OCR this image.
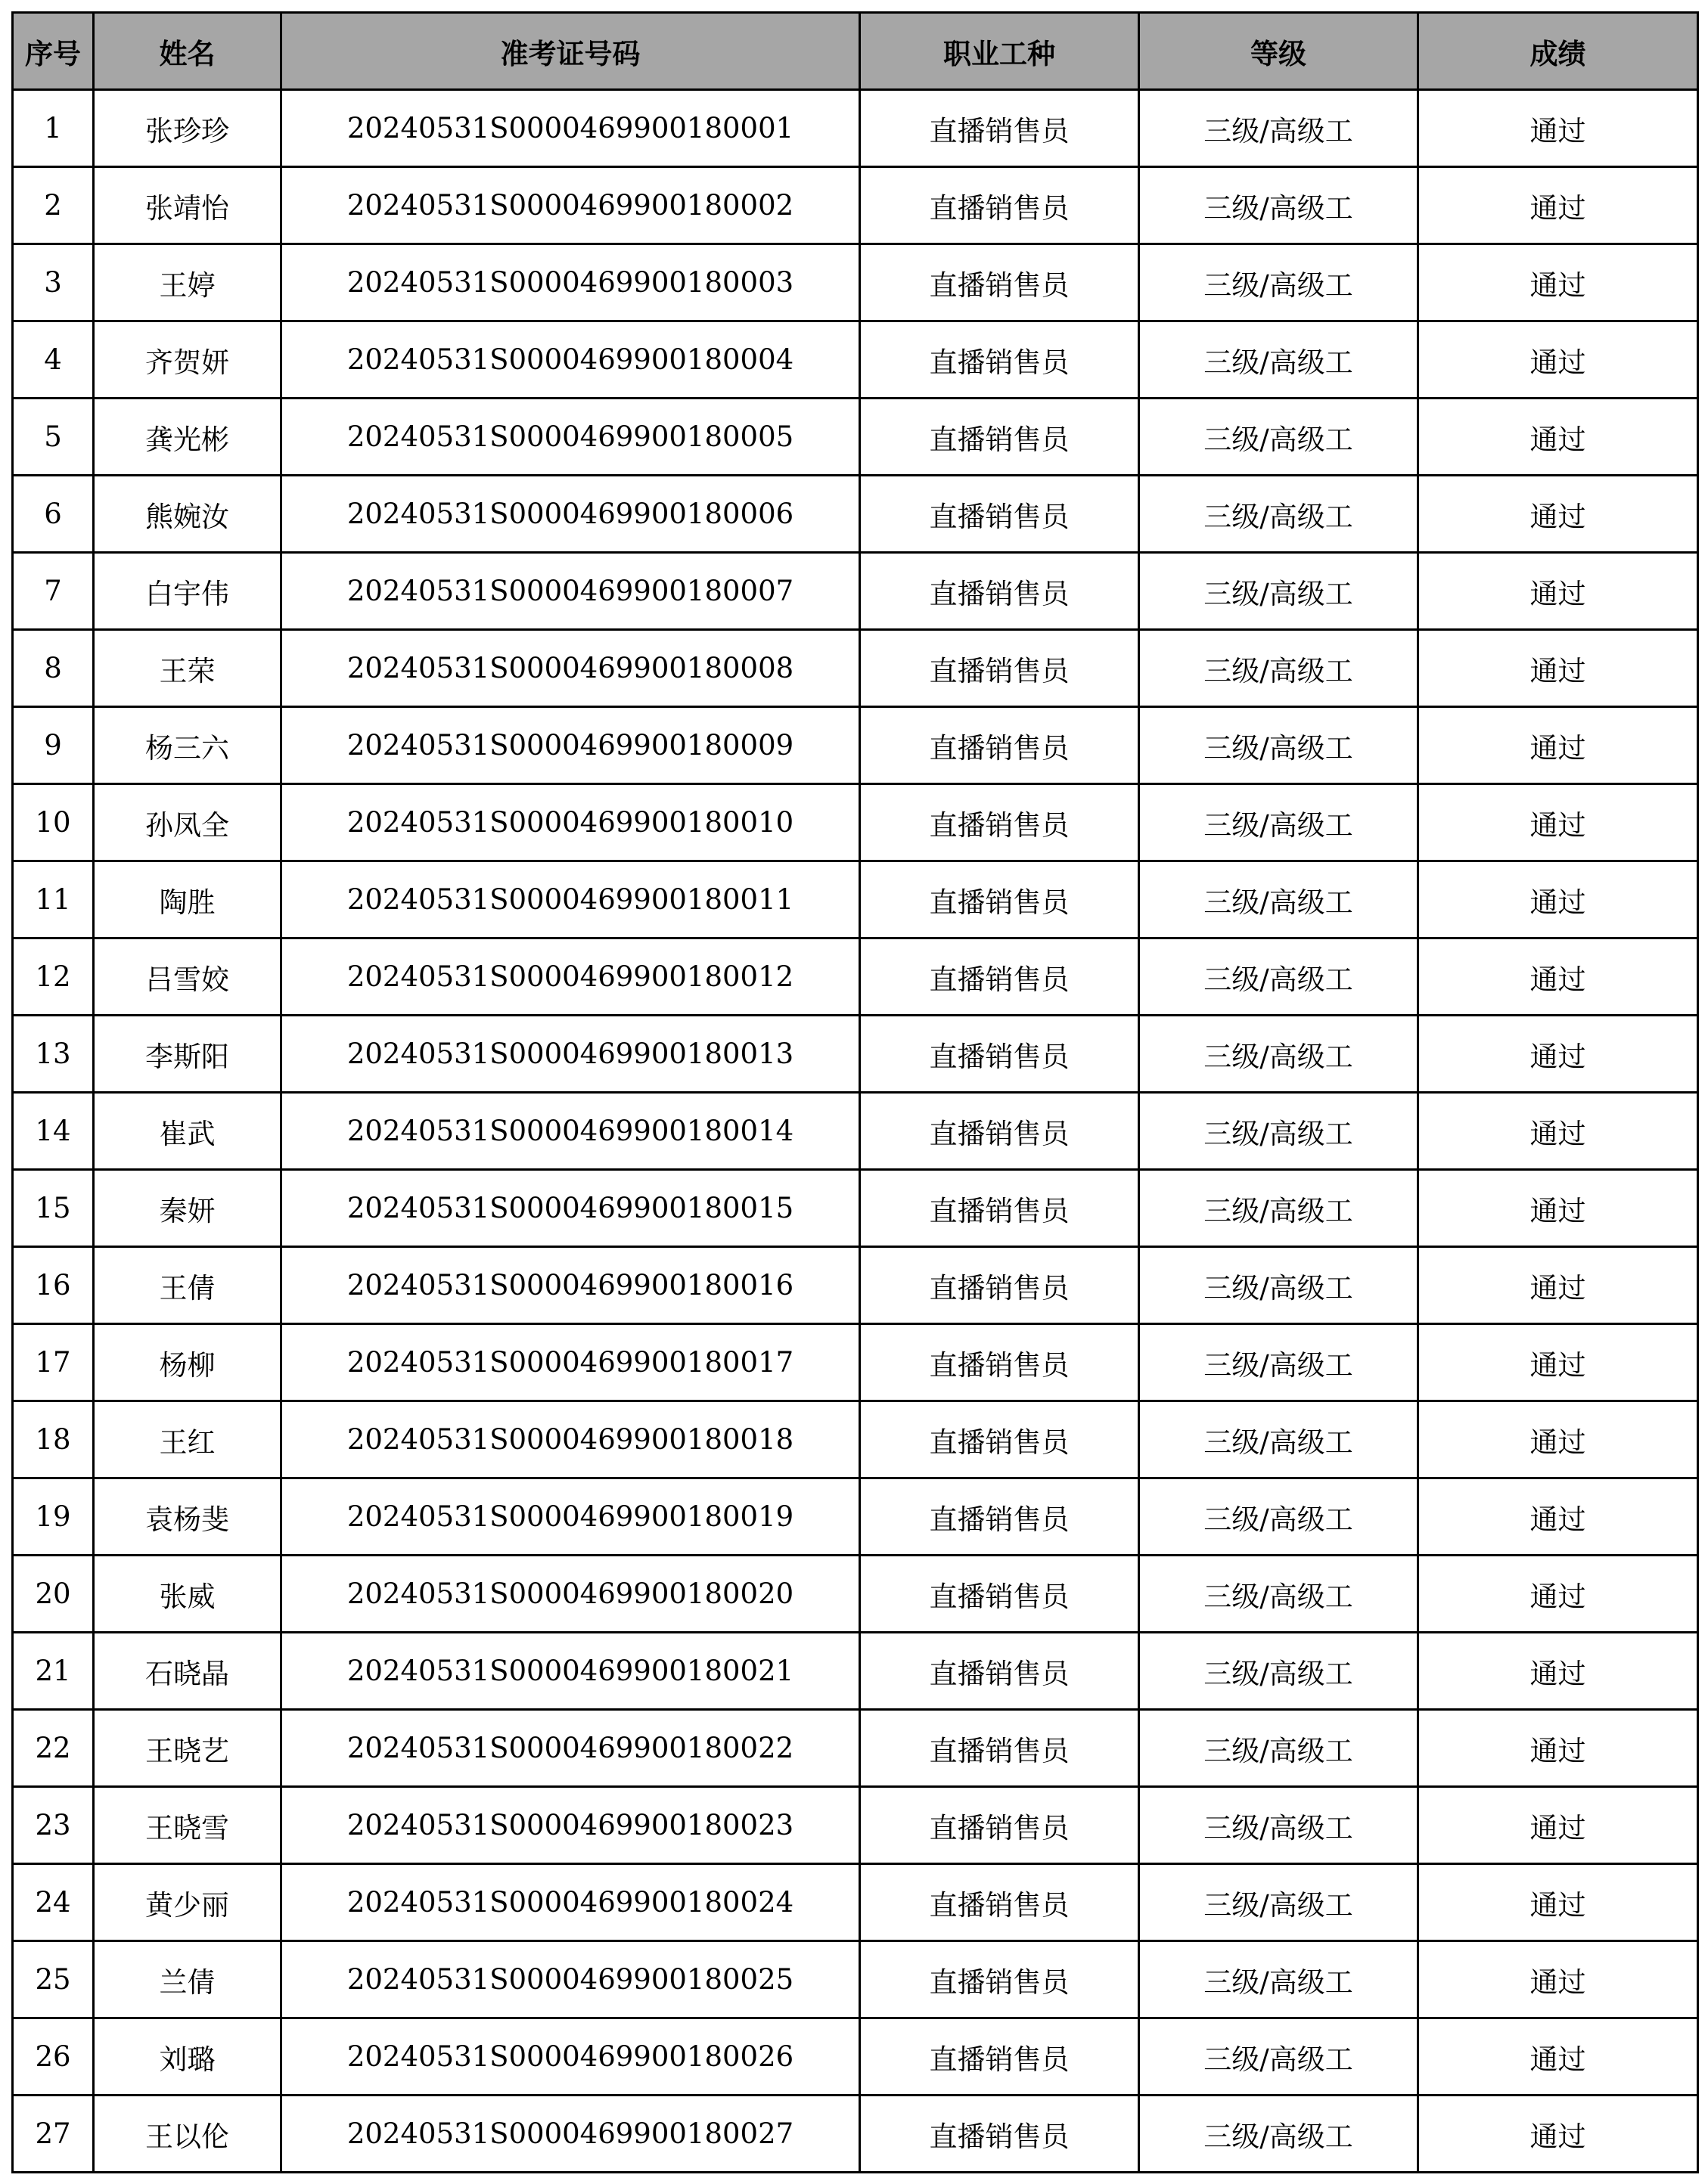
序号	姓名	准考证号码	职业工种	等级	成绩
1	张珍珍	20240531S0000469900180001	直播销售员	三级/高级工	通过
2	张靖怡	20240531S0000469900180002	直播销售员	三级/高级工	通过
3	王婷	20240531S0000469900180003	直播销售员	三级/高级工	通过
4	齐贺妍	20240531S0000469900180004	直播销售员	三级/高级工	通过
5	龚光彬	20240531S0000469900180005	直播销售员	三级/高级工	通过
6	熊婉汝	20240531S0000469900180006	直播销售员	三级/高级工	通过
7	白宇伟	20240531S0000469900180007	直播销售员	三级/高级工	通过
8	王荣	20240531S0000469900180008	直播销售员	三级/高级工	通过
9	杨三六	20240531S0000469900180009	直播销售员	三级/高级工	通过
10	孙凤全	20240531S0000469900180010	直播销售员	三级/高级工	通过
11	陶胜	20240531S0000469900180011	直播销售员	三级/高级工	通过
12	吕雪姣	20240531S0000469900180012	直播销售员	三级/高级工	通过
13	李斯阳	20240531S0000469900180013	直播销售员	三级/高级工	通过
14	崔武	20240531S0000469900180014	直播销售员	三级/高级工	通过
15	秦妍	20240531S0000469900180015	直播销售员	三级/高级工	通过
16	王倩	20240531S0000469900180016	直播销售员	三级/高级工	通过
17	杨柳	20240531S0000469900180017	直播销售员	三级/高级工	通过
18	王红	20240531S0000469900180018	直播销售员	三级/高级工	通过
19	袁杨斐	20240531S0000469900180019	直播销售员	三级/高级工	通过
20	张威	20240531S0000469900180020	直播销售员	三级/高级工	通过
21	石晓晶	20240531S0000469900180021	直播销售员	三级/高级工	通过
22	王晓艺	20240531S0000469900180022	直播销售员	三级/高级工	通过
23	王晓雪	20240531S0000469900180023	直播销售员	三级/高级工	通过
24	黄少丽	20240531S0000469900180024	直播销售员	三级/高级工	通过
25	兰倩	20240531S0000469900180025	直播销售员	三级/高级工	通过
26	刘璐	20240531S0000469900180026	直播销售员	三级/高级工	通过
27	王以伦	20240531S0000469900180027	直播销售员	三级/高级工	通过
